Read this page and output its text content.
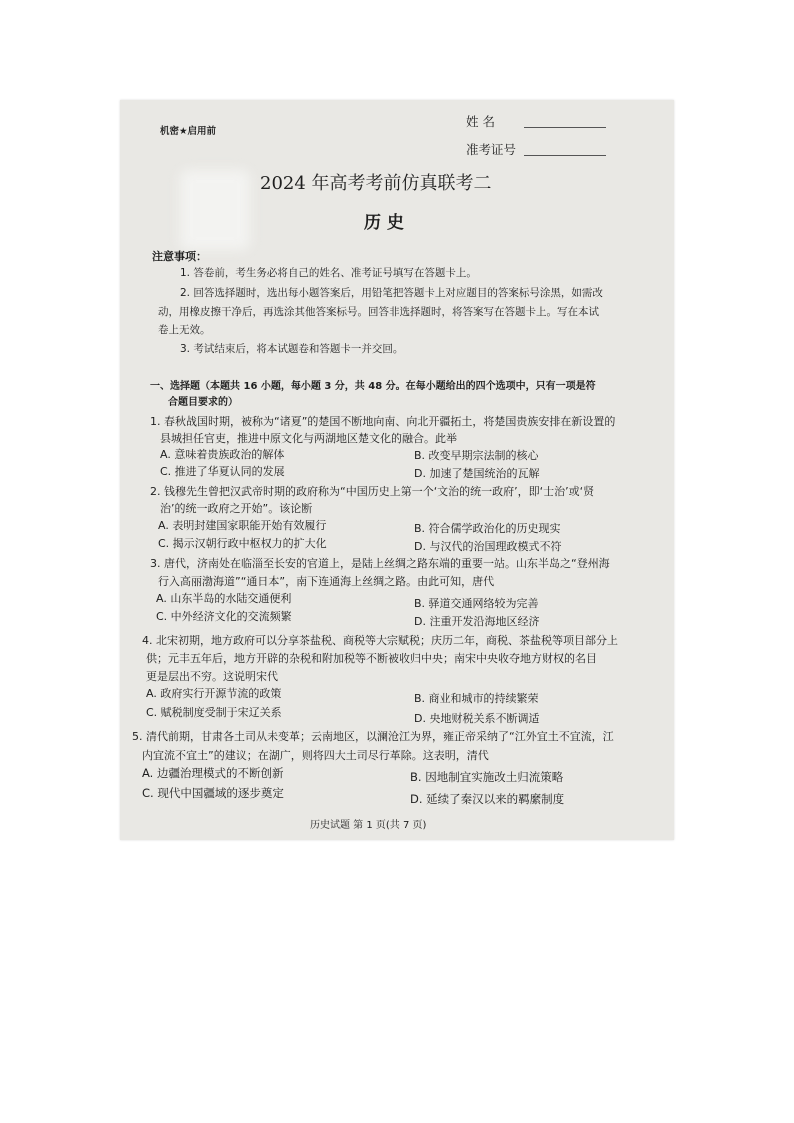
机密★启用前
姓 名
准考证号
2024 年高考考前仿真联考二
历 史
注意事项：
1. 答卷前，考生务必将自己的姓名、准考证号填写在答题卡上。
2. 回答选择题时，选出每小题答案后，用铅笔把答题卡上对应题目的答案标号涂黑，如需改
动，用橡皮擦干净后，再选涂其他答案标号。回答非选择题时，将答案写在答题卡上。写在本试
卷上无效。
3. 考试结束后，将本试题卷和答题卡一并交回。
一、选择题（本题共 16 小题，每小题 3 分，共 48 分。在每小题给出的四个选项中，只有一项是符
合题目要求的）
1. 春秋战国时期，被称为“诸夏”的楚国不断地向南、向北开疆拓土，将楚国贵族安排在新设置的
县城担任官吏，推进中原文化与两湖地区楚文化的融合。此举
A. 意味着贵族政治的解体	B. 改变早期宗法制的核心
C. 推进了华夏认同的发展	D. 加速了楚国统治的瓦解
2. 钱穆先生曾把汉武帝时期的政府称为“中国历史上第一个‘文治的统一政府’，即‘士治’或‘贤
治’的统一政府之开始”。该论断
A. 表明封建国家职能开始有效履行	B. 符合儒学政治化的历史现实
C. 揭示汉朝行政中枢权力的扩大化	D. 与汉代的治国理政模式不符
3. 唐代，济南处在临淄至长安的官道上，是陆上丝绸之路东端的重要一站。山东半岛之“登州海
行入高丽渤海道”“通日本”，南下连通海上丝绸之路。由此可知，唐代
A. 山东半岛的水陆交通便利	B. 驿道交通网络较为完善
C. 中外经济文化的交流频繁	D. 注重开发沿海地区经济
4. 北宋初期，地方政府可以分享茶盐税、商税等大宗赋税；庆历二年，商税、茶盐税等项目部分上
供；元丰五年后，地方开辟的杂税和附加税等不断被收归中央；南宋中央收夺地方财权的名目
更是层出不穷。这说明宋代
A. 政府实行开源节流的政策	B. 商业和城市的持续繁荣
C. 赋税制度受制于宋辽关系	D. 央地财税关系不断调适
5. 清代前期，甘肃各土司从未变革；云南地区，以澜沧江为界，雍正帝采纳了“江外宜土不宜流，江
内宜流不宜土”的建议；在湖广，则将四大土司尽行革除。这表明，清代
A. 边疆治理模式的不断创新	B. 因地制宜实施改土归流策略
C. 现代中国疆域的逐步奠定	D. 延续了秦汉以来的羁縻制度
历史试题 第 1 页(共 7 页)
